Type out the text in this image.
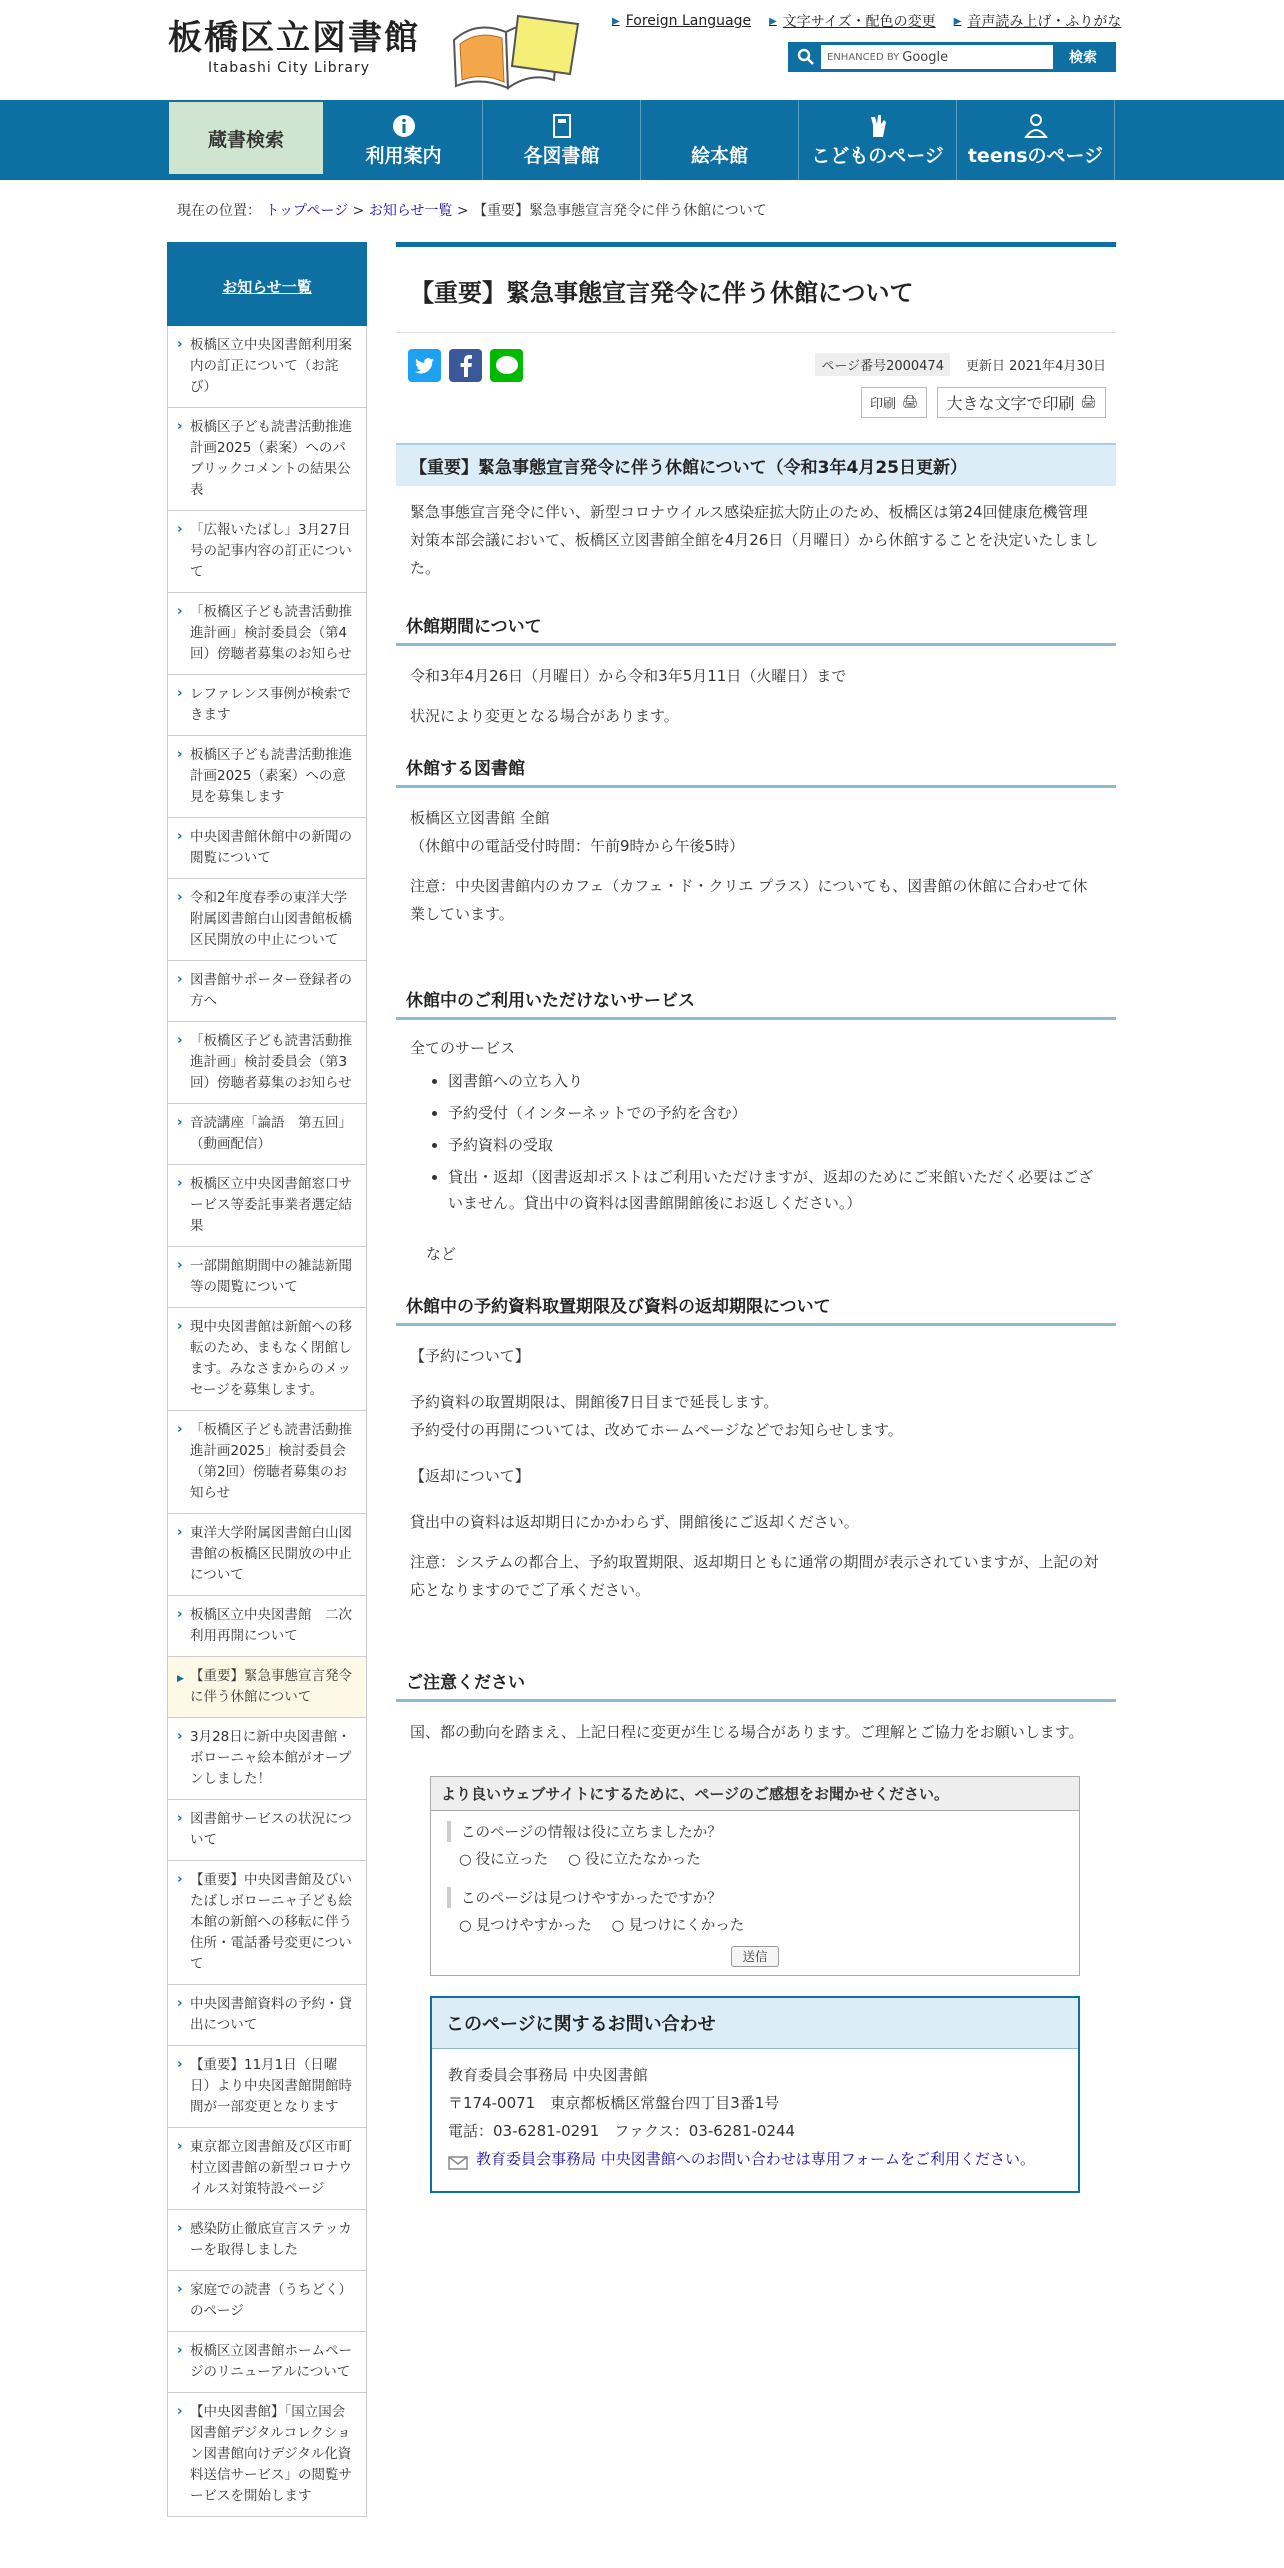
板橋区立図書館
Itabashi City Library
▶ Foreign Language ▶ 文字サイズ・配色の変更 ▶ 音声読み上げ・ふりがな
ENHANCED BY Google	検索
蔵書検索
利用案内	各図書館	絵本館	こどものページ teensのページ
現在の位置： トップページ > お知らせ一覧 > 【重要】緊急事態宣言発令に伴う休館について
お知らせ一覧
› 板橋区立中央図書館利用案内の訂正について（お詫び）
› 板橋区子ども読書活動推進計画2025（素案）へのパブリックコメントの結果公表
› 「広報いたばし」3月27日号の記事内容の訂正について
› 「板橋区子ども読書活動推進計画」検討委員会（第4回）傍聴者募集のお知らせ
› レファレンス事例が検索できます
› 板橋区子ども読書活動推進計画2025（素案）への意見を募集します
› 中央図書館休館中の新聞の閲覧について
› 令和2年度春季の東洋大学附属図書館白山図書館板橋区民開放の中止について
› 図書館サポーター登録者の方へ
› 「板橋区子ども読書活動推進計画」検討委員会（第3回）傍聴者募集のお知らせ
› 音読講座「論語　第五回」（動画配信）
› 板橋区立中央図書館窓口サービス等委託事業者選定結果
› 一部開館期間中の雑誌新聞等の閲覧について
› 現中央図書館は新館への移転のため、まもなく閉館します。みなさまからのメッセージを募集します。
› 「板橋区子ども読書活動推進計画2025」検討委員会（第2回）傍聴者募集のお知らせ
› 東洋大学附属図書館白山図書館の板橋区民開放の中止について
› 板橋区立中央図書館　二次利用再開について
▶ 【重要】緊急事態宣言発令に伴う休館について
› 3月28日に新中央図書館・ボローニャ絵本館がオープンしました！
› 図書館サービスの状況について
› 【重要】中央図書館及びいたばしボローニャ子ども絵本館の新館への移転に伴う住所・電話番号変更について
› 中央図書館資料の予約・貸出について
› 【重要】11月1日（日曜日）より中央図書館開館時間が一部変更となります
› 東京都立図書館及び区市町村立図書館の新型コロナウイルス対策特設ページ
› 感染防止徹底宣言ステッカーを取得しました
› 家庭での読書（うちどく）のページ
› 板橋区立図書館ホームページのリニューアルについて
› 【中央図書館】「国立国会図書館デジタルコレクション図書館向けデジタル化資料送信サービス」の閲覧サービスを開始します
【重要】緊急事態宣言発令に伴う休館について
ページ番号2000474	更新日 2021年4月30日
印刷 🖨 大きな文字で印刷 🖨
【重要】緊急事態宣言発令に伴う休館について（令和3年4月25日更新）

緊急事態宣言発令に伴い、新型コロナウイルス感染症拡大防止のため、板橋区は第24回健康危機管理対策本部会議において、板橋区立図書館全館を4月26日（月曜日）から休館することを決定いたしました。

休館期間について

令和3年4月26日（月曜日）から令和3年5月11日（火曜日）まで

状況により変更となる場合があります。

休館する図書館

板橋区立図書館 全館
（休館中の電話受付時間：午前9時から午後5時）

注意：中央図書館内のカフェ（カフェ・ド・クリエ プラス）についても、図書館の休館に合わせて休業しています。

休館中のご利用いただけないサービス

全てのサービス

• 図書館への立ち入り
• 予約受付（インターネットでの予約を含む）
• 予約資料の受取
• 貸出・返却（図書返却ポストはご利用いただけますが、返却のためにご来館いただく必要はございません。貸出中の資料は図書館開館後にお返しください。）

など

休館中の予約資料取置期限及び資料の返却期限について

【予約について】

予約資料の取置期限は、開館後7日目まで延長します。
予約受付の再開については、改めてホームページなどでお知らせします。

【返却について】

貸出中の資料は返却期日にかかわらず、開館後にご返却ください。

注意：システムの都合上、予約取置期限、返却期日ともに通常の期間が表示されていますが、上記の対応となりますのでご了承ください。

ご注意ください

国、都の動向を踏まえ、上記日程に変更が生じる場合があります。ご理解とご協力をお願いします。

より良いウェブサイトにするために、ページのご感想をお聞かせください。
このページの情報は役に立ちましたか？
○ 役に立った	○ 役に立たなかった
このページは見つけやすかったですか？
○ 見つけやすかった	○ 見つけにくかった
送信
このページに関するお問い合わせ
教育委員会事務局 中央図書館
〒174-0071　東京都板橋区常盤台四丁目3番1号
電話：03-6281-0291　ファクス：03-6281-0244
教育委員会事務局 中央図書館へのお問い合わせは専用フォームをご利用ください。
